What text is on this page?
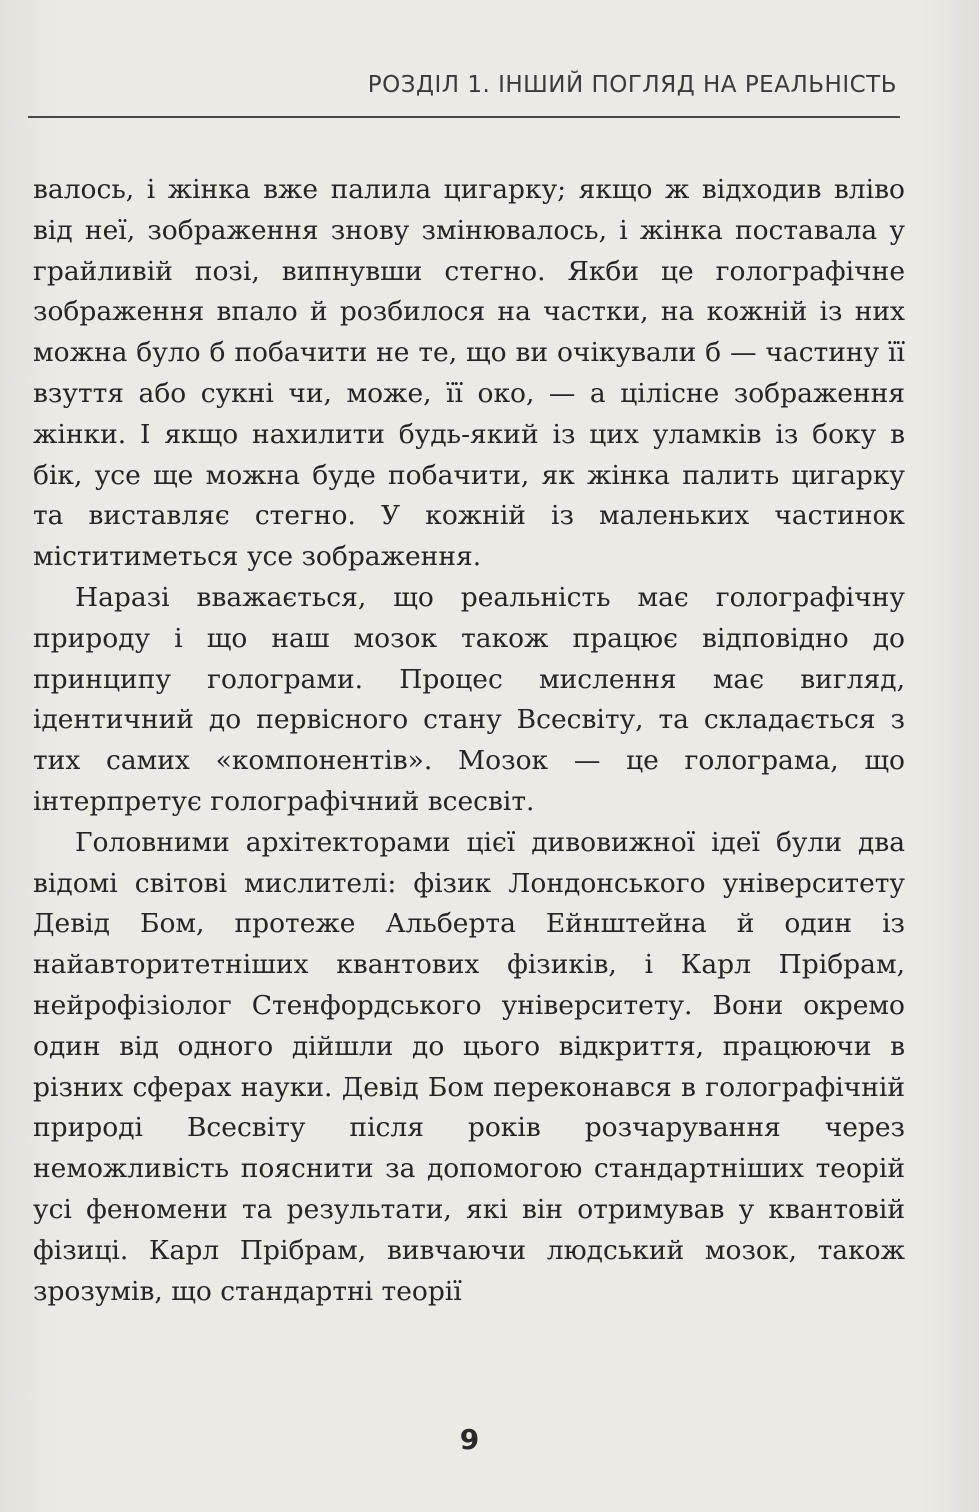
РОЗДІЛ 1. ІНШИЙ ПОГЛЯД НА РЕАЛЬНІСТЬ

валось, і жінка вже палила цигарку; якщо ж відходив вліво від неї, зображення знову змінювалось, і жінка поставала у грайливій позі, випнувши стегно. Якби це голографічне зображення впало й розбилося на частки, на кожній із них можна було б побачити не те, що ви очікували б — частину її взуття або сукні чи, може, її око, — а цілісне зображення жінки. І якщо нахилити будь-який із цих уламків із боку в бік, усе ще можна буде побачити, як жінка палить цигарку та виставляє стегно. У кожній із маленьких частинок міститиметься усе зображення.

Наразі вважається, що реальність має голографічну природу і що наш мозок також працює відповідно до принципу голограми. Процес мислення має вигляд, ідентичний до первісного стану Всесвіту, та складається з тих самих «компонентів». Мозок — це голограма, що інтерпретує голографічний всесвіт.

Головними архітекторами цієї дивовижної ідеї були два відомі світові мислителі: фізик Лондонського університету Девід Бом, протеже Альберта Ейнштейна й один із найавторитетніших квантових фізиків, і Карл Прібрам, нейрофізіолог Стенфордського університету. Вони окремо один від одного дійшли до цього відкриття, працюючи в різних сферах науки. Девід Бом переконався в голографічній природі Всесвіту після років розчарування через неможливість пояснити за допомогою стандартніших теорій усі феномени та результати, які він отримував у квантовій фізиці. Карл Прібрам, вивчаючи людський мозок, також зрозумів, що стандартні теорії

9
